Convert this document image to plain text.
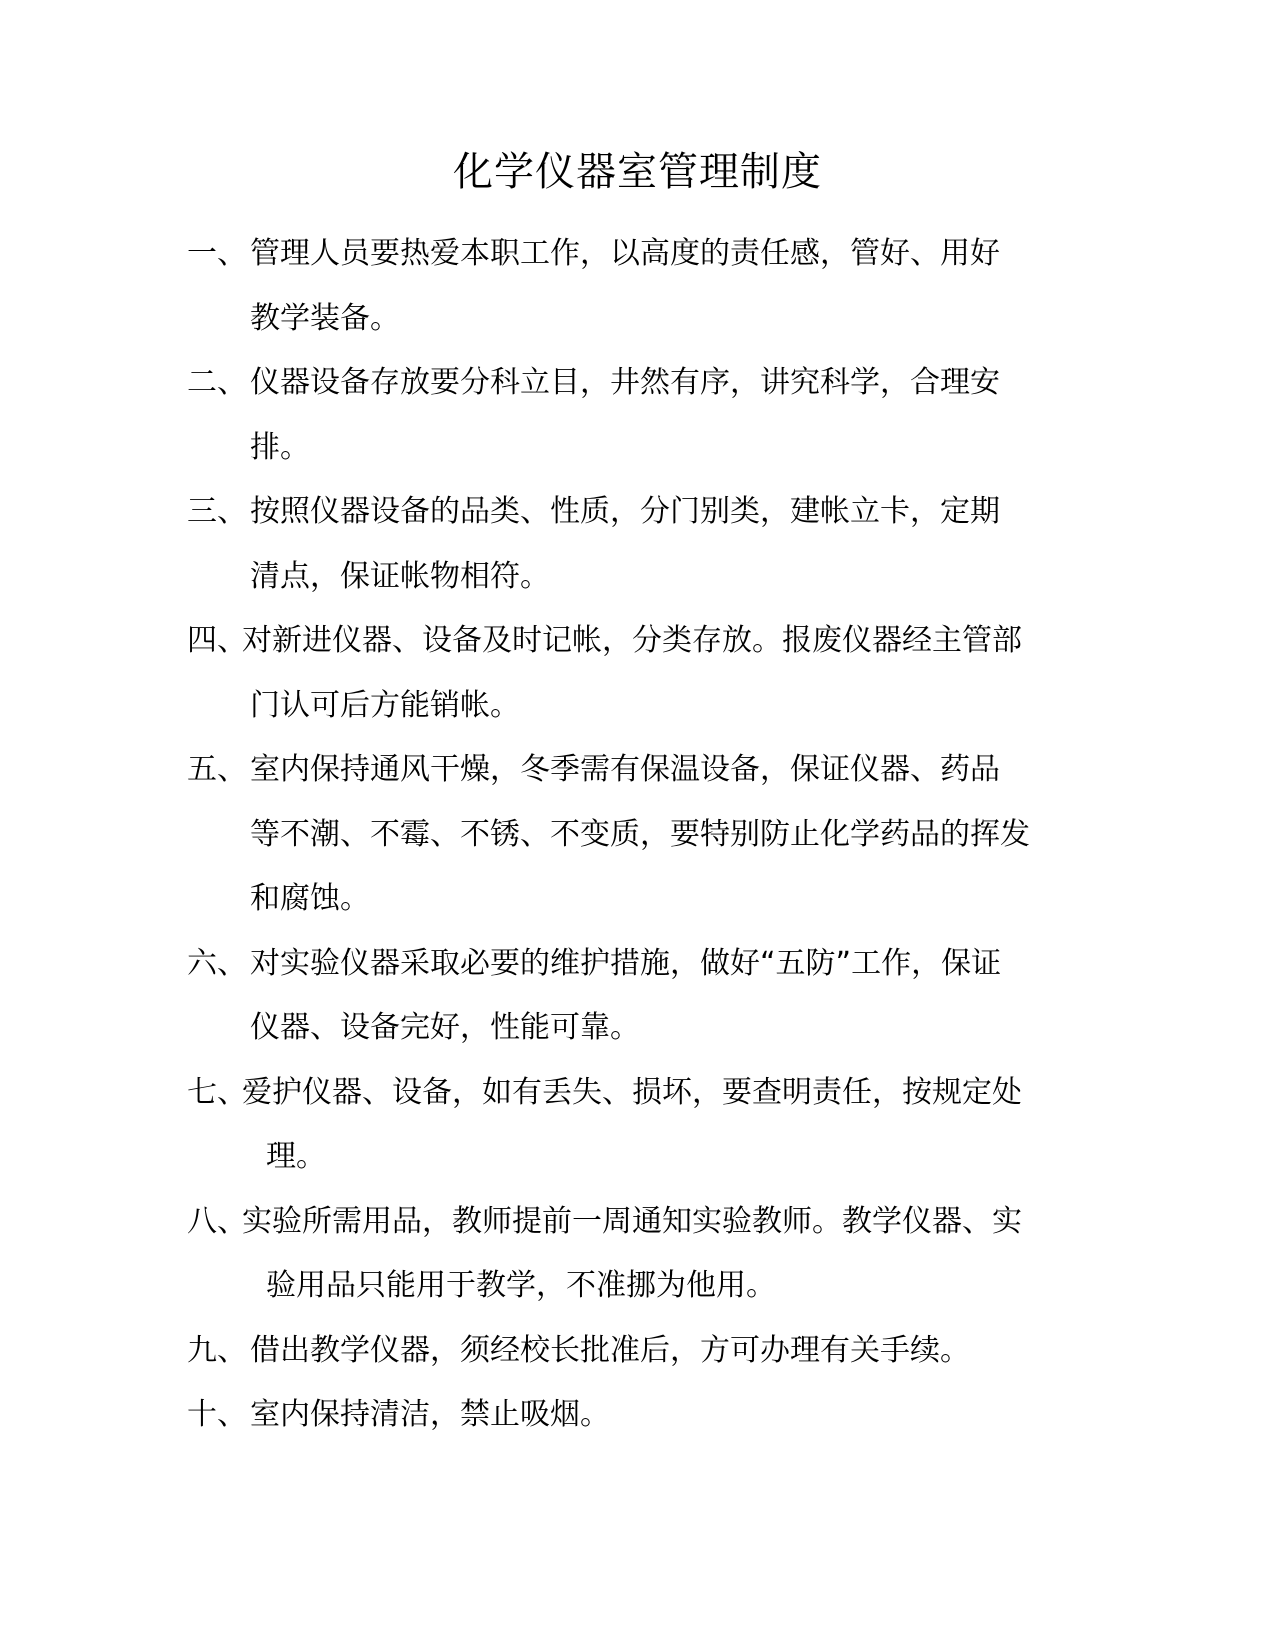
化学仪器室管理制度
一、 管理人员要热爱本职工作，以高度的责任感，管好、用好
教学装备。
二、 仪器设备存放要分科立目，井然有序，讲究科学，合理安
排。
三、 按照仪器设备的品类、性质，分门别类，建帐立卡，定期
清点，保证帐物相符。
四、
对新进仪器、设备及时记帐，分类存放。报废仪器经主管部
门认可后方能销帐。
五、 室内保持通风干燥，冬季需有保温设备，保证仪器、药品
等不潮、不霉、不锈、不变质，要特别防止化学药品的挥发
和腐蚀。
六、 对实验仪器采取必要的维护措施，做好“五防”工作，保证
仪器、设备完好，性能可靠。
七、
爱护仪器、设备，如有丢失、损坏，要查明责任，按规定处
理。
八、
实验所需用品，教师提前一周通知实验教师。教学仪器、实
验用品只能用于教学，不准挪为他用。
九、 借出教学仪器，须经校长批准后，方可办理有关手续。
十、 室内保持清洁，禁止吸烟。
